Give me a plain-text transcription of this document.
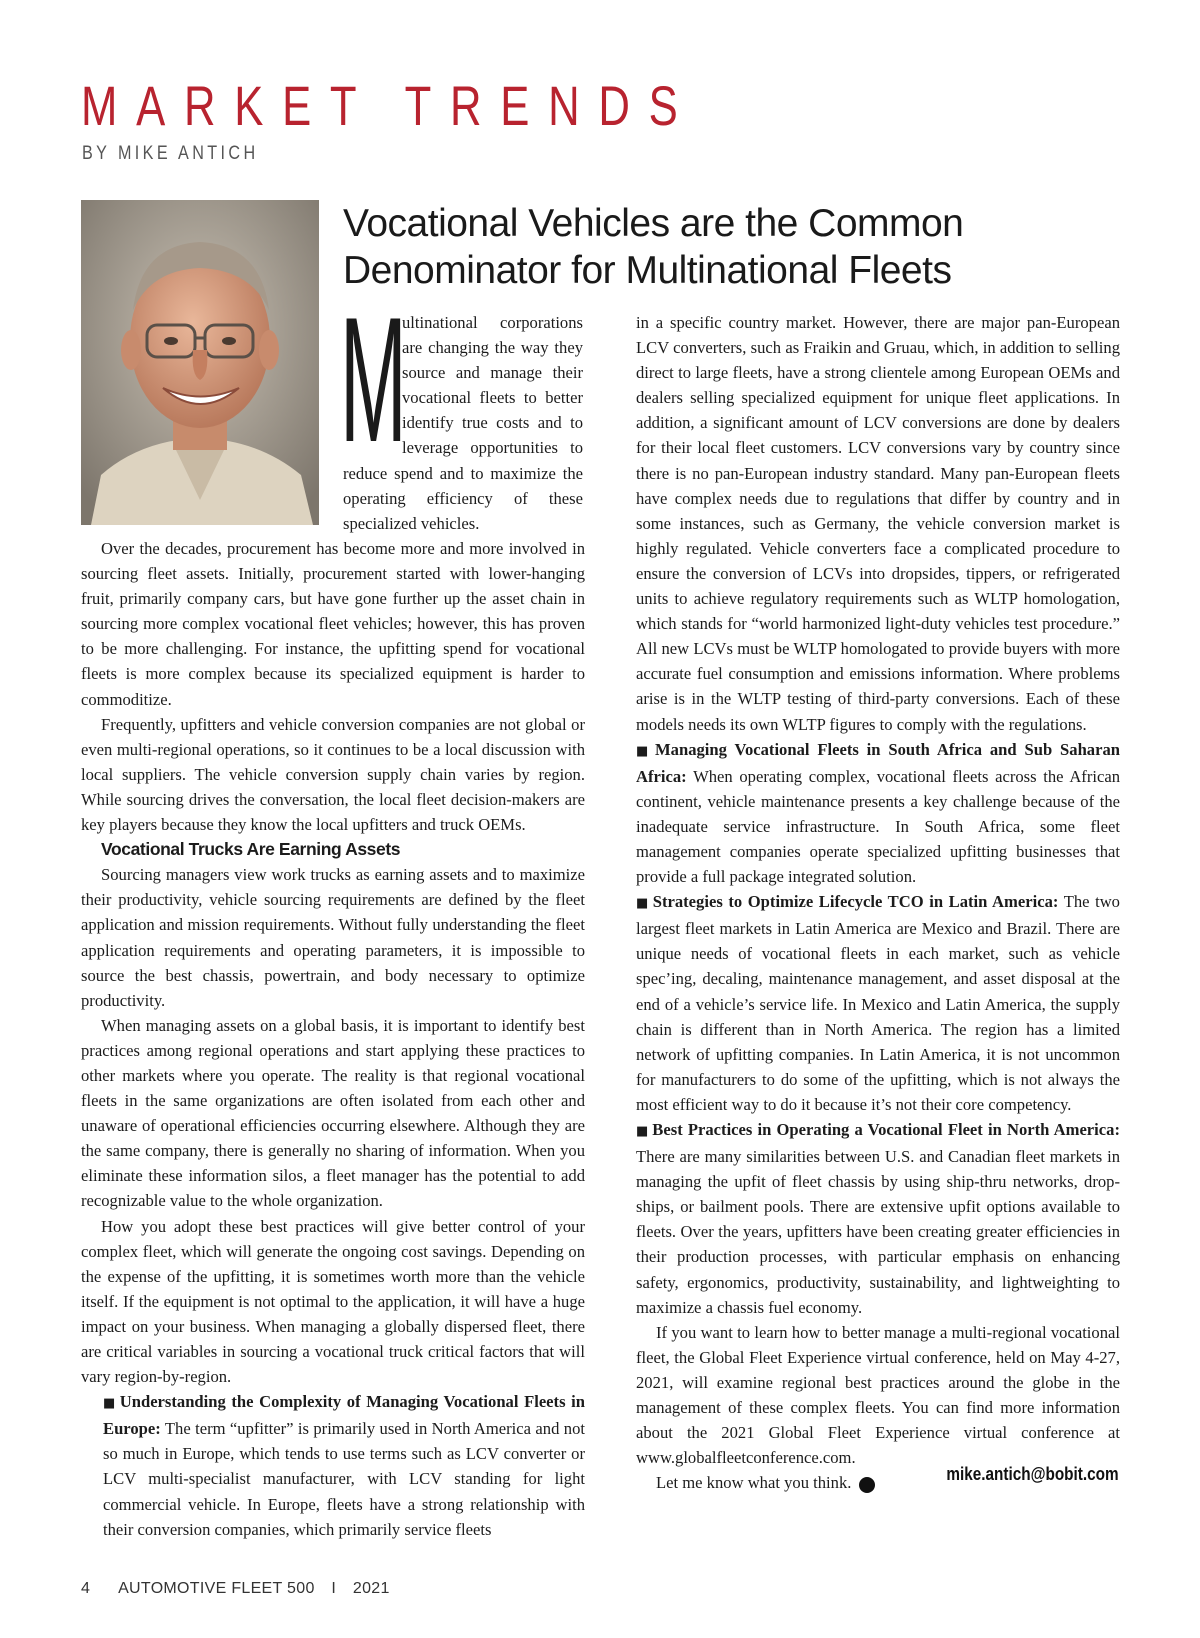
MARKET TRENDS
BY MIKE ANTICH
Vocational Vehicles are the Common
Denominator for Multinational Fleets
M

ultinational corporations are changing the way they source and manage their vocational fleets to better identify true costs and to leverage opportunities to reduce spend and to maximize the operating efficiency of these specialized vehicles.

Over the decades, procurement has become more and more involved in sourcing fleet assets. Initially, procurement started with lower-hanging fruit, primarily company cars, but have gone further up the asset chain in sourcing more complex vocational fleet vehicles; however, this has proven to be more challenging. For instance, the upfitting spend for vocational fleets is more complex because its specialized equipment is harder to commoditize.

Frequently, upfitters and vehicle conversion companies are not global or even multi-regional operations, so it continues to be a local discussion with local suppliers. The vehicle conversion supply chain varies by region. While sourcing drives the conversation, the local fleet decision-makers are key players because they know the local upfitters and truck OEMs.

Vocational Trucks Are Earning Assets

Sourcing managers view work trucks as earning assets and to maximize their productivity, vehicle sourcing requirements are defined by the fleet application and mission requirements. Without fully understanding the fleet application requirements and operating parameters, it is impossible to source the best chassis, powertrain, and body necessary to optimize productivity.

When managing assets on a global basis, it is important to identify best practices among regional operations and start applying these practices to other markets where you operate. The reality is that regional vocational fleets in the same organizations are often isolated from each other and unaware of operational efficiencies occurring elsewhere. Although they are the same company, there is generally no sharing of information. When you eliminate these information silos, a fleet manager has the potential to add recognizable value to the whole organization.

How you adopt these best practices will give better control of your complex fleet, which will generate the ongoing cost savings. Depending on the expense of the upfitting, it is sometimes worth more than the vehicle itself. If the equipment is not optimal to the application, it will have a huge impact on your business. When managing a globally dispersed fleet, there are critical variables in sourcing a vocational truck critical factors that will vary region-by-region.

■ Understanding the Complexity of Managing Vocational Fleets in Europe: The term “upfitter” is primarily used in North America and not so much in Europe, which tends to use terms such as LCV converter or LCV multi-specialist manufacturer, with LCV standing for light commercial vehicle. In Europe, fleets have a strong relationship with their conversion companies, which primarily service fleets

in a specific country market. However, there are major pan-European LCV converters, such as Fraikin and Gruau, which, in addition to selling direct to large fleets, have a strong clientele among European OEMs and dealers selling specialized equipment for unique fleet applications. In addition, a significant amount of LCV conversions are done by dealers for their local fleet customers. LCV conversions vary by country since there is no pan-European industry standard. Many pan-European fleets have complex needs due to regulations that differ by country and in some instances, such as Germany, the vehicle conversion market is highly regulated. Vehicle converters face a complicated procedure to ensure the conversion of LCVs into dropsides, tippers, or refrigerated units to achieve regulatory requirements such as WLTP homologation, which stands for “world harmonized light-duty vehicles test procedure.” All new LCVs must be WLTP homologated to provide buyers with more accurate fuel consumption and emissions information. Where problems arise is in the WLTP testing of third-party conversions. Each of these models needs its own WLTP figures to comply with the regulations.

■ Managing Vocational Fleets in South Africa and Sub Saharan Africa: When operating complex, vocational fleets across the African continent, vehicle maintenance presents a key challenge because of the inadequate service infrastructure. In South Africa, some fleet management companies operate specialized upfitting businesses that provide a full package integrated solution.

■ Strategies to Optimize Lifecycle TCO in Latin America: The two largest fleet markets in Latin America are Mexico and Brazil. There are unique needs of vocational fleets in each market, such as vehicle spec’ing, decaling, maintenance management, and asset disposal at the end of a vehicle’s service life. In Mexico and Latin America, the supply chain is different than in North America. The region has a limited network of upfitting companies. In Latin America, it is not uncommon for manufacturers to do some of the upfitting, which is not always the most efficient way to do it because it’s not their core competency.

■ Best Practices in Operating a Vocational Fleet in North America: There are many similarities between U.S. and Canadian fleet markets in managing the upfit of fleet chassis by using ship-thru networks, drop-ships, or bailment pools. There are extensive upfit options available to fleets. Over the years, upfitters have been creating greater efficiencies in their production processes, with particular emphasis on enhancing safety, ergonomics, productivity, sustainability, and lightweighting to maximize a chassis fuel economy.

If you want to learn how to better manage a multi-regional vocational fleet, the Global Fleet Experience virtual conference, held on May 4-27, 2021, will examine regional best practices around the globe in the management of these complex fleets. You can find more information about the 2021 Global Fleet Experience virtual conference at www.globalfleetconference.com.

Let me know what you think.	AF

mike.antich@bobit.com
4 AUTOMOTIVE FLEET 500 I 2021
